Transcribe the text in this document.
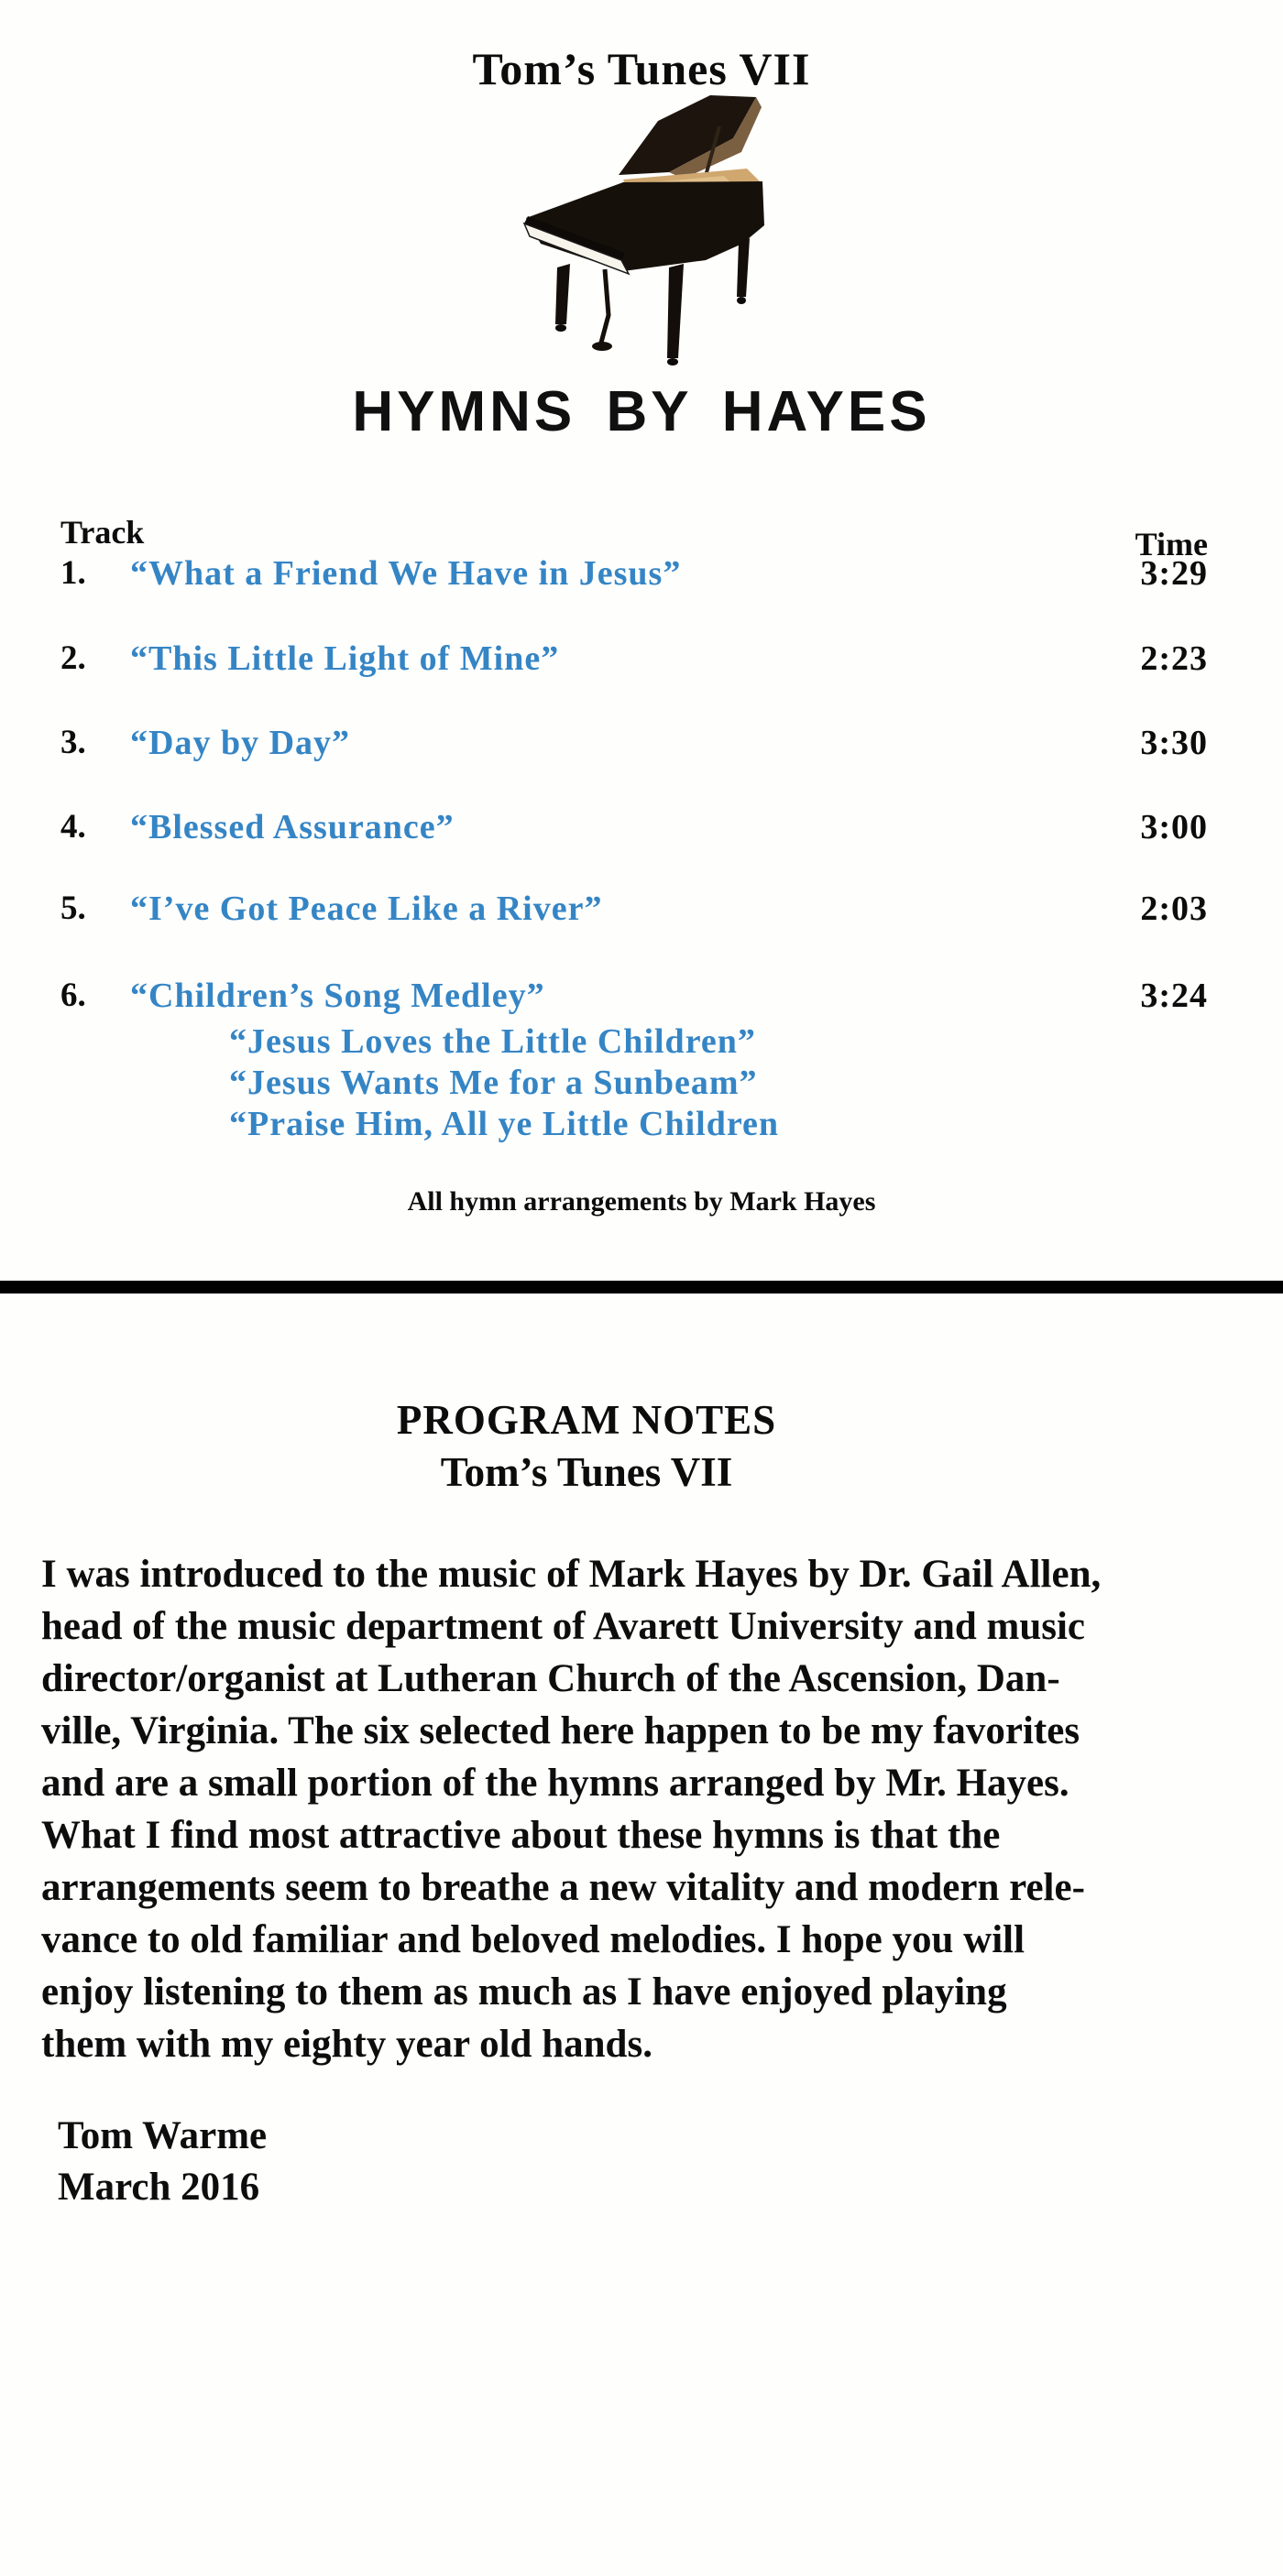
Tom’s Tunes VII
HYMNS BY HAYES
Track	Time
1. “What a Friend We Have in Jesus”	3:29
2. “This Little Light of Mine”	2:23
3. “Day by Day”	3:30
4. “Blessed Assurance”	3:00
5. “I’ve Got Peace Like a River”	2:03
6. “Children’s Song Medley”	3:24
“Jesus Loves the Little Children”
“Jesus Wants Me for a Sunbeam”
“Praise Him, All ye Little Children
All hymn arrangements by Mark Hayes
PROGRAM NOTES
Tom’s Tunes VII
I was introduced to the music of Mark Hayes by Dr. Gail Allen,
head of the music department of Avarett University and music
director/organist at Lutheran Church of the Ascension, Dan-
ville, Virginia. The six selected here happen to be my favorites
and are a small portion of the hymns arranged by Mr. Hayes.
What I find most attractive about these hymns is that the
arrangements seem to breathe a new vitality and modern rele-
vance to old familiar and beloved melodies. I hope you will
enjoy listening to them as much as I have enjoyed playing
them with my eighty year old hands.
Tom Warme
March 2016
